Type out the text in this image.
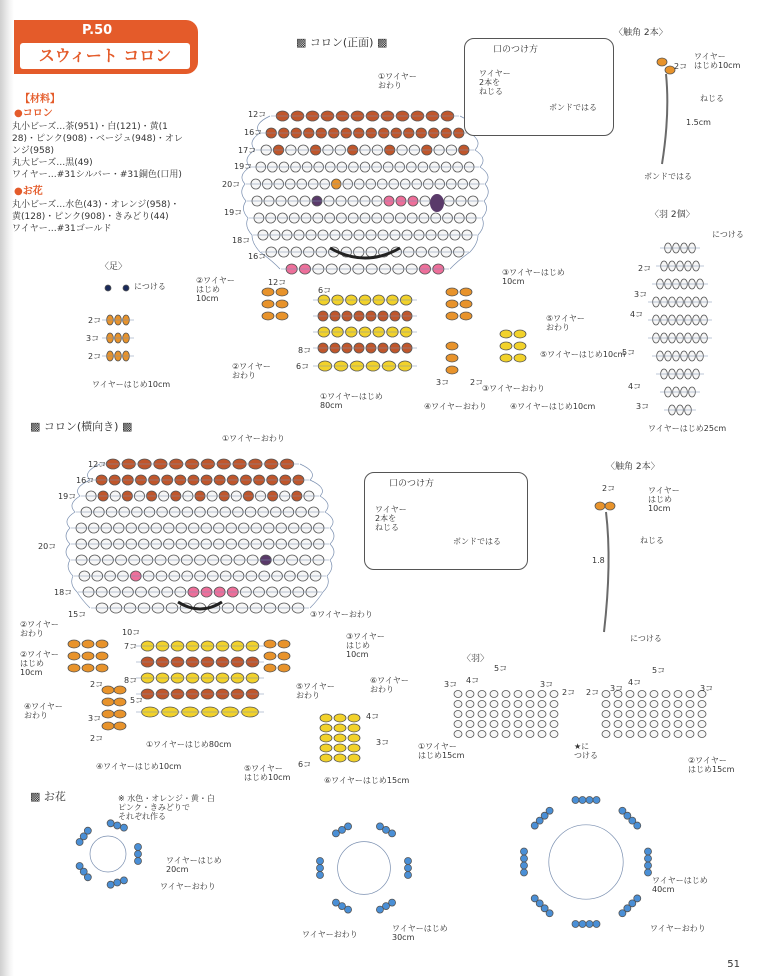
P.50
スウィート コロン
【材料】
●コロン
丸小ビーズ…茶(951)・白(121)・黄(1
28)・ピンク(908)・ベージュ(948)・オレ
ンジ(958)
丸大ビーズ…黒(49)
ワイヤー…#31シルバー・#31銅色(口用)
●お花
丸小ビーズ…水色(43)・オレンジ(958)・
黄(128)・ピンク(908)・きみどり(44)
ワイヤー…#31ゴールド
▩ コロン(正面) ▩
▩ コロン(横向き) ▩
▩ お花
口のつけ方
ワイヤー
2本を
ねじる
ボンドではる
口のつけ方
ワイヤー
2本を
ねじる
ボンドではる
①ワイヤー
おわり
12コ
16コ
17コ
19コ
20コ
19コ
18コ
16コ
②ワイヤー
はじめ
10cm
②ワイヤー
おわり
③ワイヤーはじめ
10cm
③ワイヤーおわり
⑤ワイヤー
おわり
⑤ワイヤーはじめ10cm
④ワイヤーおわり	④ワイヤーはじめ10cm
①ワイヤーはじめ
80cm
12コ
6コ
8コ
6コ
3コ	2コ
〈触角 2本〉
2コ
ワイヤー
はじめ10cm
ねじる
1.5cm
ボンドではる
〈羽 2個〉
につける
2コ
3コ
4コ
5コ
4コ
3コ
ワイヤーはじめ25cm
〈足〉
につける
2コ
3コ
2コ
ワイヤーはじめ10cm
①ワイヤーおわり
12コ
16コ
19コ
20コ
18コ
15コ
②ワイヤー
おわり
②ワイヤー
はじめ
10cm
④ワイヤー
おわり
④ワイヤーはじめ10cm
③ワイヤーおわり
③ワイヤー
はじめ
10cm
⑤ワイヤー
おわり
⑤ワイヤー
はじめ10cm
⑥ワイヤー
おわり
⑥ワイヤーはじめ15cm
①ワイヤーはじめ80cm
10コ
7コ
8コ
2コ
3コ
2コ
5コ
4コ
3コ
6コ
〈触角 2本〉
2コ	ワイヤー
はじめ
10cm
ねじる
1.8
につける
〈羽〉
5コ
4コ
3コ	3コ
2コ 2コ 3コ
4コ
5コ
3コ
①ワイヤー
はじめ15cm
★に
つける
②ワイヤー
はじめ15cm
※ 水色・オレンジ・黄・白
ピンク・きみどりで
それぞれ作る
ワイヤーはじめ
20cm
ワイヤーおわり
ワイヤーおわり
ワイヤーはじめ
30cm
ワイヤーはじめ
40cm
ワイヤーおわり
51
